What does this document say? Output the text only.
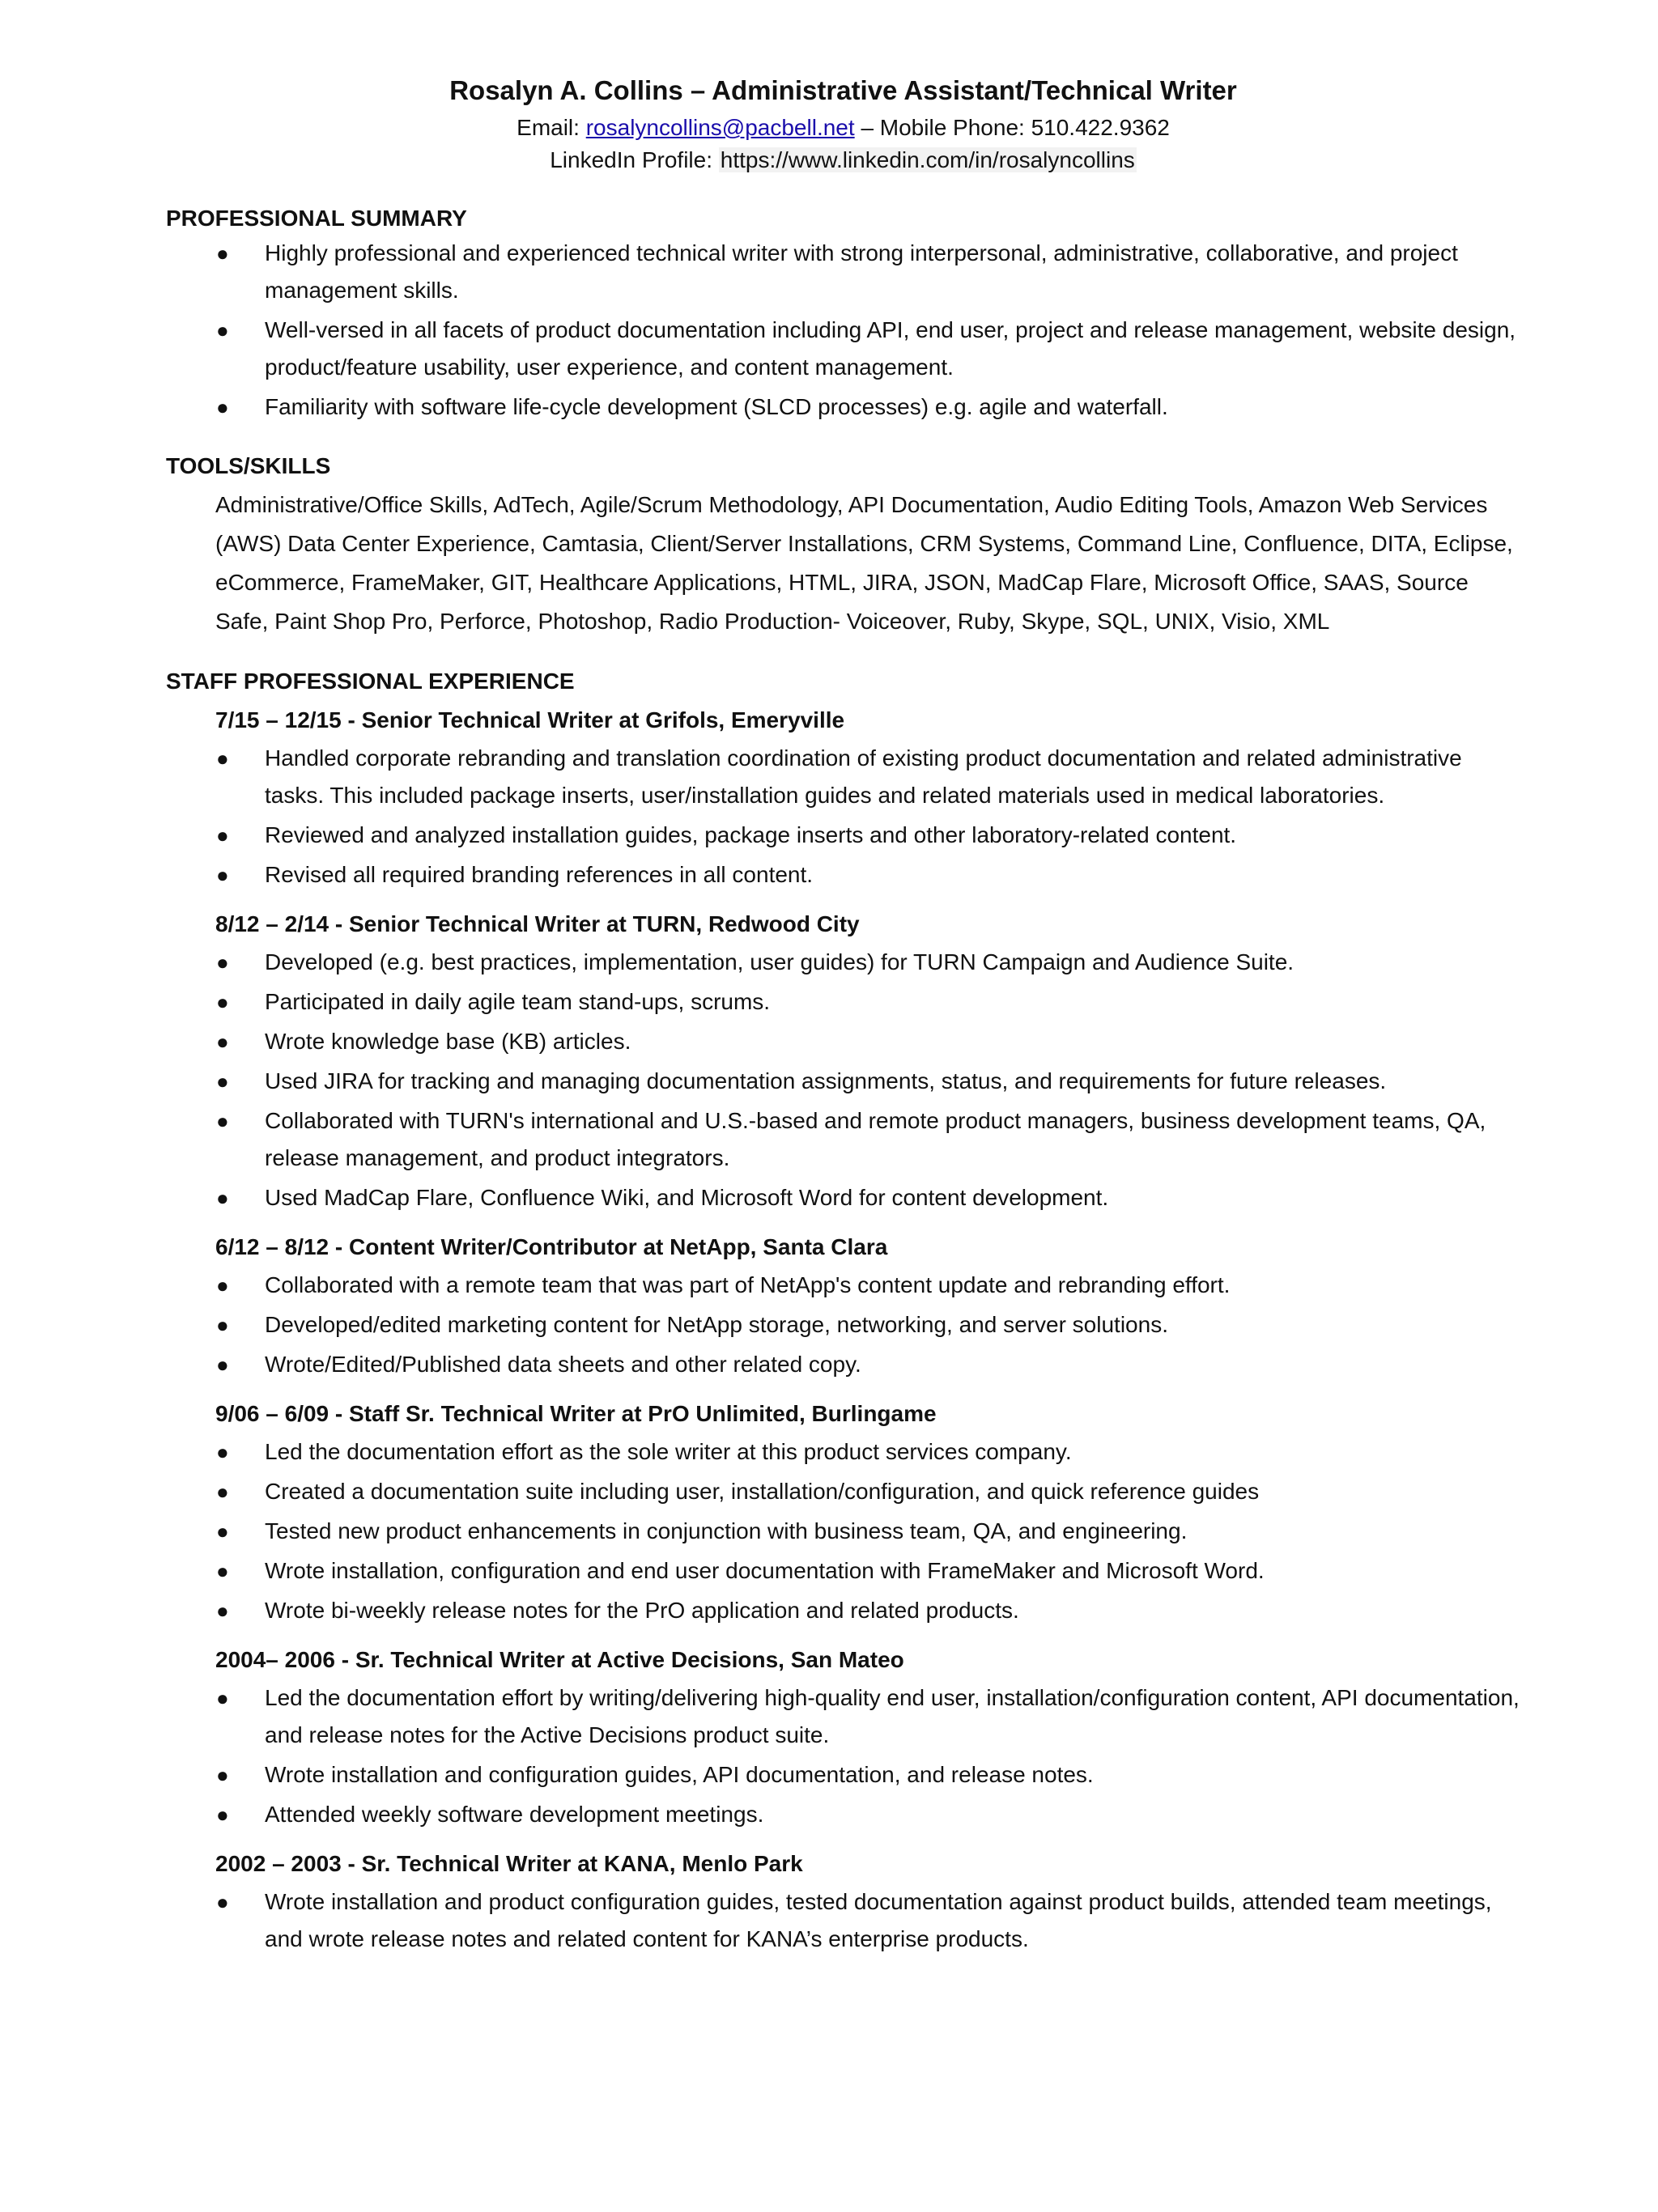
Rosalyn A. Collins – Administrative Assistant/Technical Writer
Email: rosalyncollins@pacbell.net – Mobile Phone: 510.422.9362
LinkedIn Profile: https://www.linkedin.com/in/rosalyncollins
PROFESSIONAL SUMMARY
● Highly professional and experienced technical writer with strong interpersonal, administrative, collaborative, and project management skills.
● Well-versed in all facets of product documentation including API, end user, project and release management, website design, product/feature usability, user experience, and content management.
● Familiarity with software life-cycle development (SLCD processes) e.g. agile and waterfall.
TOOLS/SKILLS
Administrative/Office Skills, AdTech, Agile/Scrum Methodology, API Documentation, Audio Editing Tools, Amazon Web Services (AWS) Data Center Experience, Camtasia, Client/Server Installations, CRM Systems, Command Line, Confluence, DITA, Eclipse, eCommerce, FrameMaker, GIT, Healthcare Applications, HTML, JIRA, JSON, MadCap Flare, Microsoft Office, SAAS, Source Safe, Paint Shop Pro, Perforce, Photoshop, Radio Production- Voiceover, Ruby, Skype, SQL, UNIX, Visio, XML
STAFF PROFESSIONAL EXPERIENCE
7/15 – 12/15 - Senior Technical Writer at Grifols, Emeryville
● Handled corporate rebranding and translation coordination of existing product documentation and related administrative tasks. This included package inserts, user/installation guides and related materials used in medical laboratories.
● Reviewed and analyzed installation guides, package inserts and other laboratory-related content.
● Revised all required branding references in all content.
8/12 – 2/14 - Senior Technical Writer at TURN, Redwood City
● Developed (e.g. best practices, implementation, user guides) for TURN Campaign and Audience Suite.
● Participated in daily agile team stand-ups, scrums.
● Wrote knowledge base (KB) articles.
● Used JIRA for tracking and managing documentation assignments, status, and requirements for future releases.
● Collaborated with TURN's international and U.S.-based and remote product managers, business development teams, QA, release management, and product integrators.
● Used MadCap Flare, Confluence Wiki, and Microsoft Word for content development.
6/12 – 8/12 - Content Writer/Contributor at NetApp, Santa Clara
● Collaborated with a remote team that was part of NetApp's content update and rebranding effort.
● Developed/edited marketing content for NetApp storage, networking, and server solutions.
● Wrote/Edited/Published data sheets and other related copy.
9/06 – 6/09 - Staff Sr. Technical Writer at PrO Unlimited, Burlingame
● Led the documentation effort as the sole writer at this product services company.
● Created a documentation suite including user, installation/configuration, and quick reference guides
● Tested new product enhancements in conjunction with business team, QA, and engineering.
● Wrote installation, configuration and end user documentation with FrameMaker and Microsoft Word.
● Wrote bi-weekly release notes for the PrO application and related products.
2004– 2006 - Sr. Technical Writer at Active Decisions, San Mateo
● Led the documentation effort by writing/delivering high-quality end user, installation/configuration content, API documentation, and release notes for the Active Decisions product suite.
● Wrote installation and configuration guides, API documentation, and release notes.
● Attended weekly software development meetings.
2002 – 2003 - Sr. Technical Writer at KANA, Menlo Park
● Wrote installation and product configuration guides, tested documentation against product builds, attended team meetings, and wrote release notes and related content for KANA’s enterprise products.
